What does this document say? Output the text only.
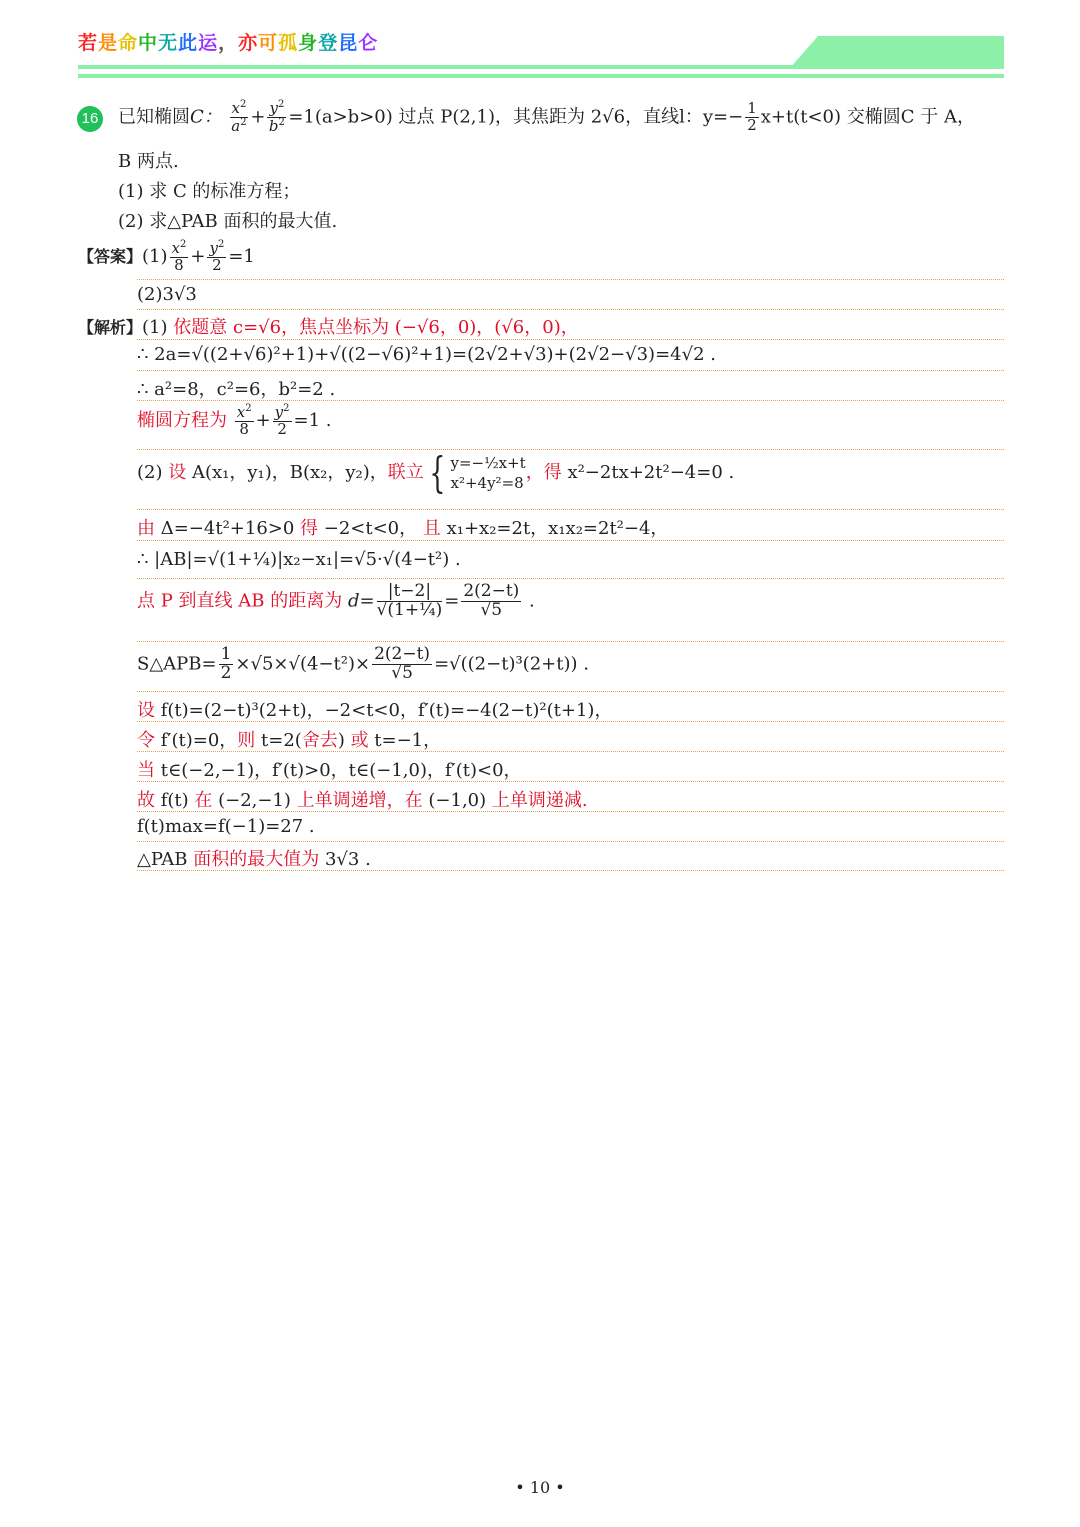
若是命中无此运，亦可孤身登昆仑
16 已知椭圆C： $\frac{x^2}{a^2} + \frac{y^2}{b^2} =1(a>b>0)$ 过点 P(2,1)，其焦距为 2√6，直线l：$y=- \frac{1}{2} x+t(t<0)$ 交椭圆C 于 A，
B 两点.
(1) 求 C 的标准方程；
(2) 求△PAB 面积的最大值.
【答案】$(1) \frac{x^2}{8} + \frac{y^2}{2} =1$
(2)3√3
【解析】(1) 依题意 c=√6，焦点坐标为 (−√6，0)，(√6，0)，
∴ 2a=√((2+√6)²+1)+√((2−√6)²+1)=(2√2+√3)+(2√2−√3)=4√2 .
∴ a²=8，c²=6，b²=2 .
椭圆方程为 $\frac{x^2}{8} + \frac{y^2}{2} =1$ .
(2) 设 A(x₁，y₁)，B(x₂，y₂)，联立 { y=−½x+t
x²+4y²=8 ，得 x²−2tx+2t²−4=0 .
由 Δ=−4t²+16>0 得 −2<t<0， 且 x₁+x₂=2t，x₁x₂=2t²−4，
∴ |AB|=√(1+¼)|x₂−x₁|=√5·√(4−t²) .
点 P 到直线 AB 的距离为 $d= \frac{|t-2|}{\text{√(1+¼)}} = \frac{2(2-t)}{√5}$ .
S△APB= $\frac{1}{2} \times√5\times√(4-t^2)\times \frac{2(2-t)}{√5} =√((2-t)^3(2+t))$ .
设 f(t)=(2−t)³(2+t)，−2<t<0，f′(t)=−4(2−t)²(t+1)，
令 f′(t)=0，则 t=2(舍去) 或 t=−1，
当 t∈(−2,−1)，f′(t)>0，t∈(−1,0)，f′(t)<0，
故 f(t) 在 (−2,−1) 上单调递增，在 (−1,0) 上单调递减.
f(t)max=f(−1)=27 .
△PAB 面积的最大值为 3√3 .
• 10 •
